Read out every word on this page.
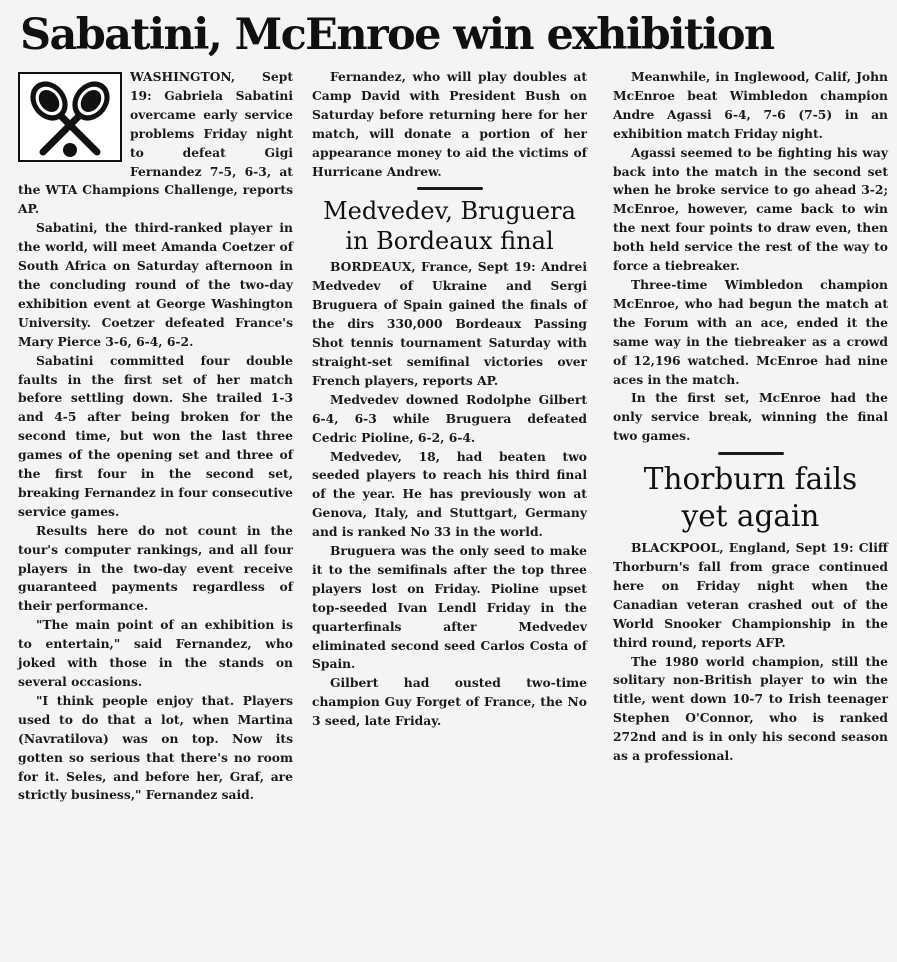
Sabatini, McEnroe win exhibition

WASHINGTON, Sept 19: Gabriela Sabatini overcame early service problems Friday night to defeat Gigi Fernandez 7-5, 6-3, at the WTA Champions Challenge, reports AP.

Sabatini, the third-ranked player in the world, will meet Amanda Coetzer of South Africa on Saturday afternoon in the concluding round of the two-day exhibition event at George Washington University. Coetzer defeated France's Mary Pierce 3-6, 6-4, 6-2.

Sabatini committed four double faults in the first set of her match before settling down. She trailed 1-3 and 4-5 after being broken for the second time, but won the last three games of the opening set and three of the first four in the second set, breaking Fernandez in four consecutive service games.

Results here do not count in the tour's computer rankings, and all four players in the two-day event receive guaranteed payments regardless of their performance.

"The main point of an exhibition is to entertain," said Fernandez, who joked with those in the stands on several occasions.

"I think people enjoy that. Players used to do that a lot, when Martina (Navratilova) was on top. Now its gotten so serious that there's no room for it. Seles, and before her, Graf, are strictly business," Fernandez said.

Fernandez, who will play doubles at Camp David with President Bush on Saturday before returning here for her match, will donate a portion of her appearance money to aid the victims of Hurricane Andrew.

Medvedev, Bruguera
in Bordeaux final

BORDEAUX, France, Sept 19: Andrei Medvedev of Ukraine and Sergi Bruguera of Spain gained the finals of the dirs 330,000 Bordeaux Passing Shot tennis tournament Saturday with straight-set semifinal victories over French players, reports AP.

Medvedev downed Rodolphe Gilbert 6-4, 6-3 while Bruguera defeated Cedric Pioline, 6-2, 6-4.

Medvedev, 18, had beaten two seeded players to reach his third final of the year. He has previously won at Genova, Italy, and Stuttgart, Germany and is ranked No 33 in the world.

Bruguera was the only seed to make it to the semifinals after the top three players lost on Friday. Pioline upset top-seeded Ivan Lendl Friday in the quarterfinals after Medvedev eliminated second seed Carlos Costa of Spain.

Gilbert had ousted two-time champion Guy Forget of France, the No 3 seed, late Friday.

Meanwhile, in Inglewood, Calif, John McEnroe beat Wimbledon champion Andre Agassi 6-4, 7-6 (7-5) in an exhibition match Friday night.

Agassi seemed to be fighting his way back into the match in the second set when he broke service to go ahead 3-2; McEnroe, however, came back to win the next four points to draw even, then both held service the rest of the way to force a tiebreaker.

Three-time Wimbledon champion McEnroe, who had begun the match at the Forum with an ace, ended it the same way in the tiebreaker as a crowd of 12,196 watched. McEnroe had nine aces in the match.

In the first set, McEnroe had the only service break, winning the final two games.

Thorburn fails
yet again

BLACKPOOL, England, Sept 19: Cliff Thorburn's fall from grace continued here on Friday night when the Canadian veteran crashed out of the World Snooker Championship in the third round, reports AFP.

The 1980 world champion, still the solitary non-British player to win the title, went down 10-7 to Irish teenager Stephen O'Connor, who is ranked 272nd and is in only his second season as a professional.
